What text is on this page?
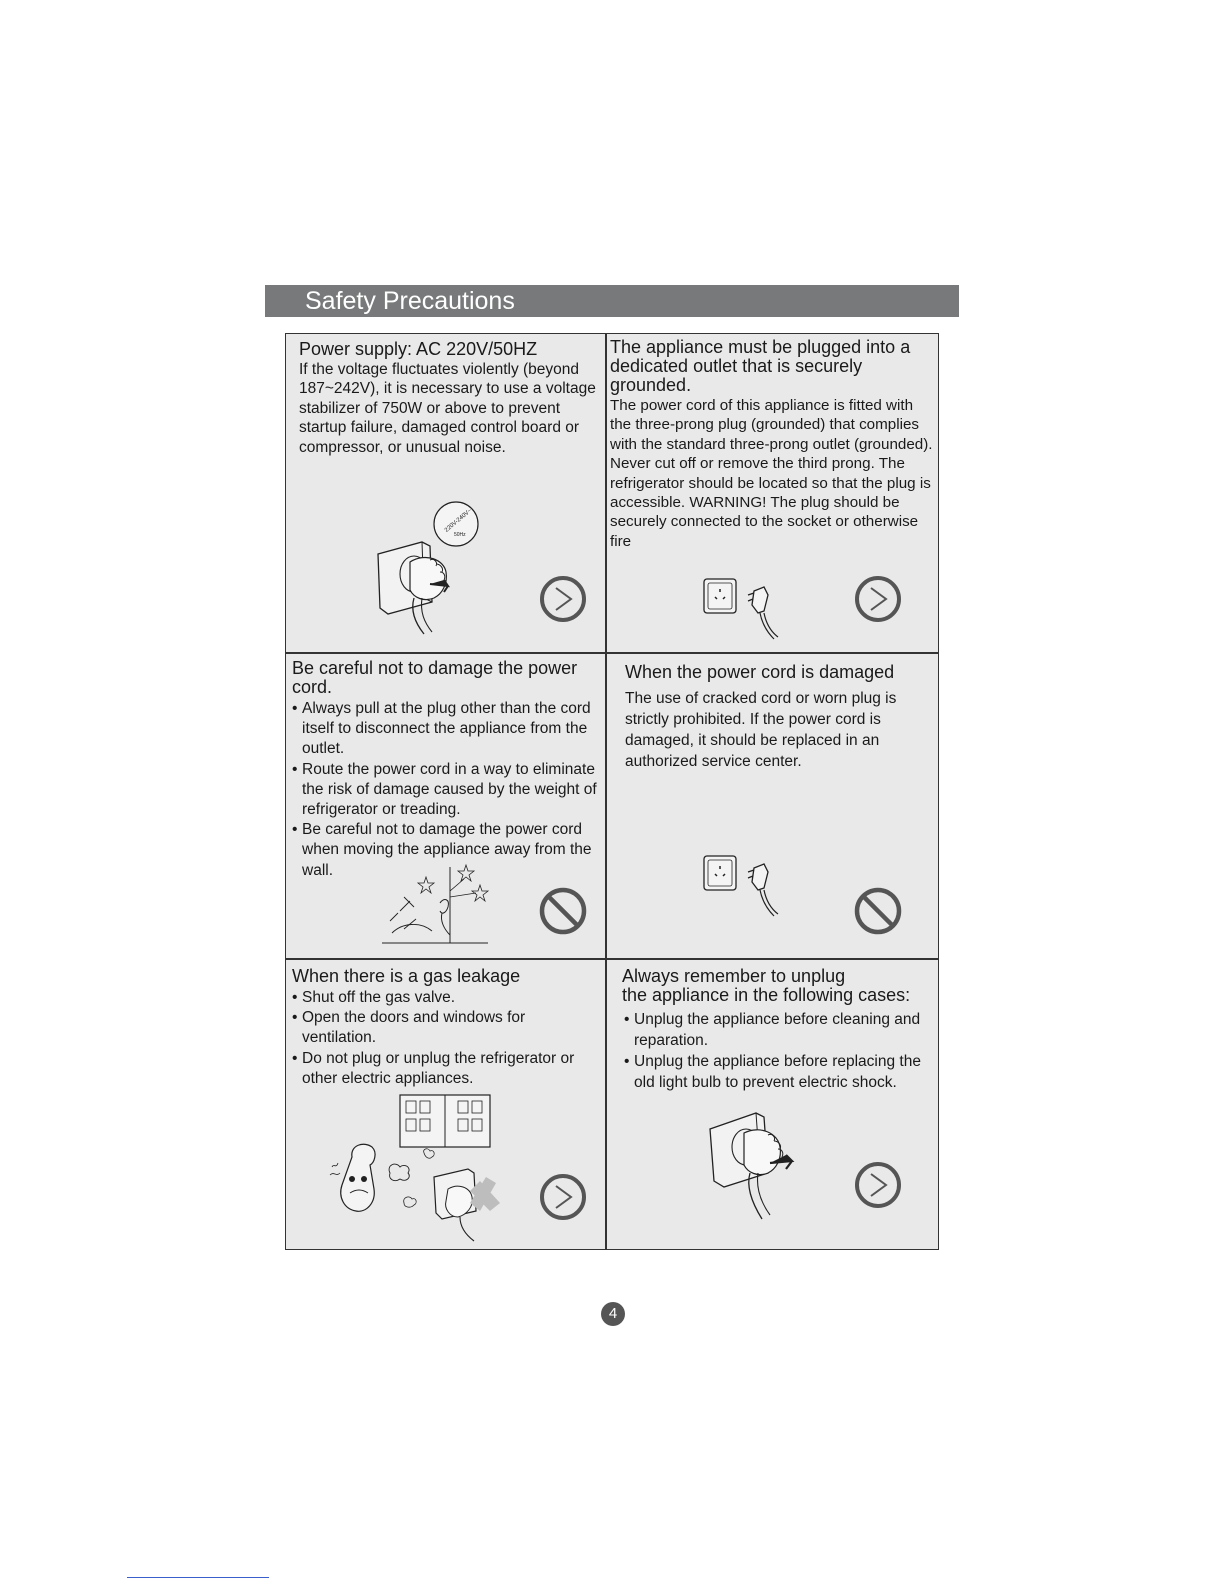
Safety Precautions

Power supply: AC 220V/50HZ

If the voltage fluctuates violently (beyond 187~242V), it is necessary to use a voltage stabilizer of 750W or above to prevent startup failure, damaged control board or compressor, or unusual noise.

220V-240V~
50Hz

The appliance must be plugged into a dedicated outlet that is securely grounded.

The power cord of this appliance is fitted with the three-prong plug (grounded) that complies with the standard three-prong outlet (grounded). Never cut off or remove the third prong. The refrigerator should be located so that the plug is accessible. WARNING! The plug should be securely connected to the socket or otherwise fire

Be careful not to damage the power cord.

• Always pull at the plug other than the cord itself to disconnect the appliance from the outlet.
• Route the power cord in a way to eliminate the risk of damage caused by the weight of refrigerator or treading.
• Be careful not to damage the power cord when moving the appliance away from the wall.

When the power cord is damaged

The use of cracked cord or worn plug is strictly prohibited. If the power cord is damaged, it should be replaced in an authorized service center.

When there is a gas leakage

• Shut off the gas valve.
• Open the doors and windows for ventilation.
• Do not plug or unplug the refrigerator or other electric appliances.

Always remember to unplug

the appliance in the following cases:

• Unplug the appliance before cleaning and reparation.
• Unplug the appliance before replacing the old light bulb to prevent electric shock.
4
